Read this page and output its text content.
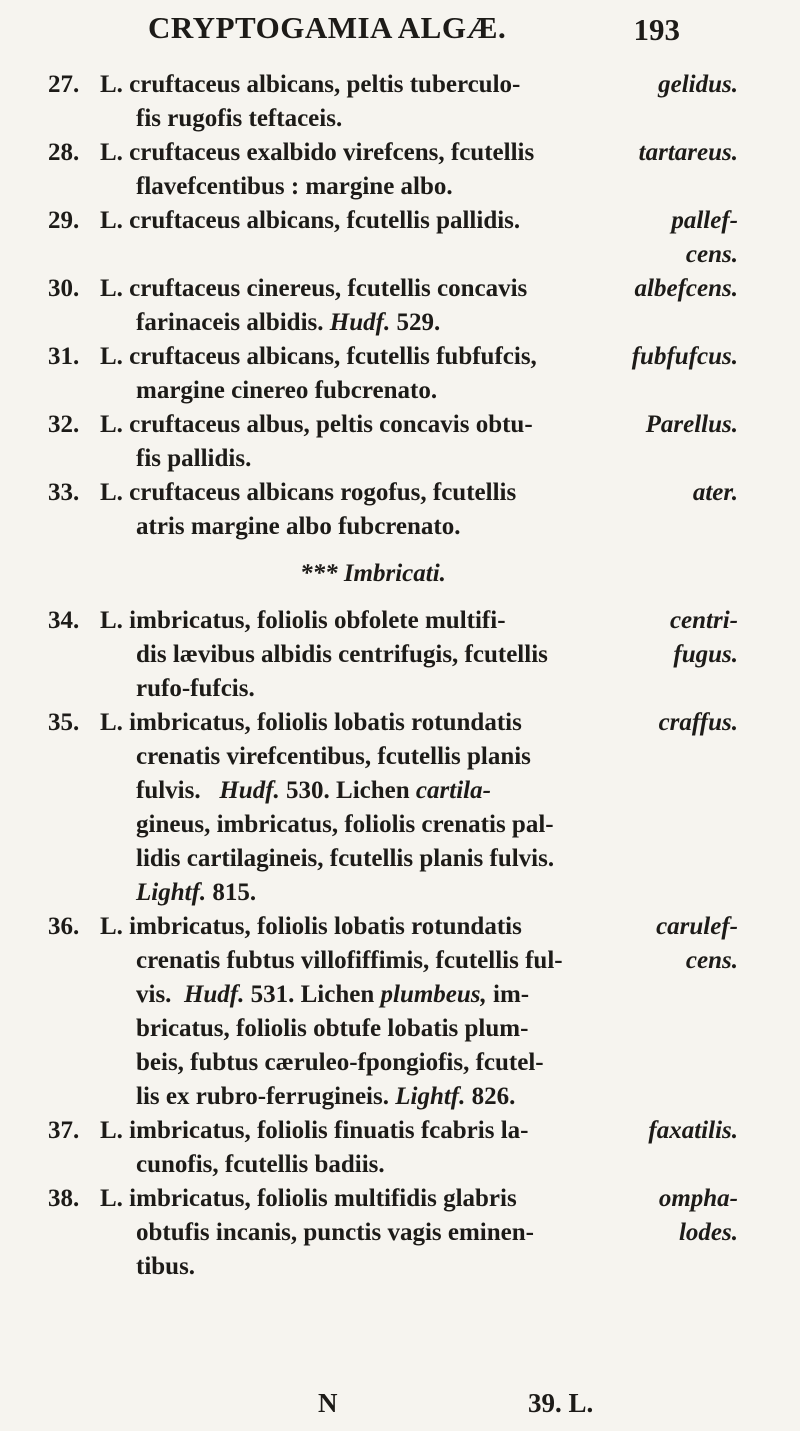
CRYPTOGAMIA ALGÆ.	193
27. L. cruftaceus albicans, peltis tuberculo-	gelidus.
fis rugofis teftaceis.
28. L. cruftaceus exalbido virefcens, fcutellis	tartareus.
flavefcentibus : margine albo.
29. L. cruftaceus albicans, fcutellis pallidis.	pallef-
cens.
30. L. cruftaceus cinereus, fcutellis concavis	albefcens.
farinaceis albidis. Hudf. 529.
31. L. cruftaceus albicans, fcutellis fubfufcis,	fubfufcus.
margine cinereo fubcrenato.
32. L. cruftaceus albus, peltis concavis obtu-	Parellus.
fis pallidis.
33. L. cruftaceus albicans rogofus, fcutellis	ater.
atris margine albo fubcrenato.
*** Imbricati.
34. L. imbricatus, foliolis obfolete multifi-	centri-
dis lævibus albidis centrifugis, fcutellis	fugus.
rufo-fufcis.
35. L. imbricatus, foliolis lobatis rotundatis	craffus.
crenatis virefcentibus, fcutellis planis
fulvis. Hudf. 530. Lichen cartila-
gineus, imbricatus, foliolis crenatis pal-
lidis cartilagineis, fcutellis planis fulvis.
Lightf. 815.
36. L. imbricatus, foliolis lobatis rotundatis	carulef-
crenatis fubtus villofiffimis, fcutellis ful-	cens.
vis. Hudf. 531. Lichen plumbeus, im-
bricatus, foliolis obtufe lobatis plum-
beis, fubtus cæruleo-fpongiofis, fcutel-
lis ex rubro-ferrugineis. Lightf. 826.
37. L. imbricatus, foliolis finuatis fcabris la-	faxatilis.
cunofis, fcutellis badiis.
38. L. imbricatus, foliolis multifidis glabris	ompha-
obtufis incanis, punctis vagis eminen-	lodes.
tibus.
N	39. L.
